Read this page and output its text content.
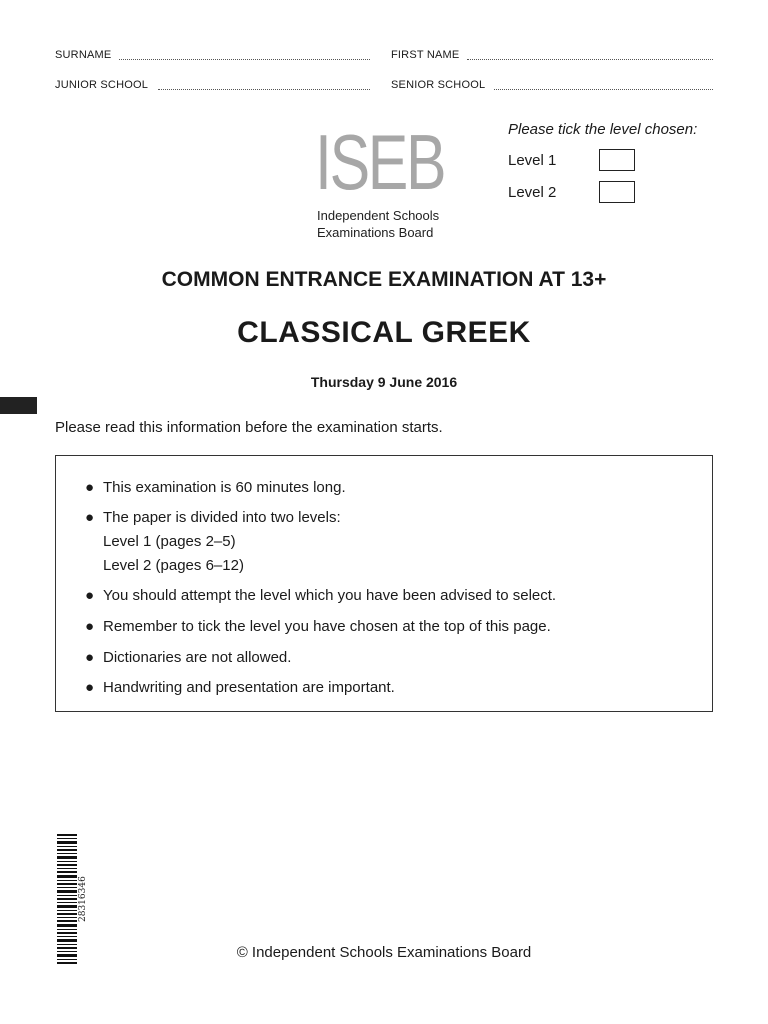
SURNAME	FIRST NAME
JUNIOR SCHOOL	SENIOR SCHOOL
ISEB
Independent Schools
Examinations Board
Please tick the level chosen:
Level 1
Level 2
COMMON ENTRANCE EXAMINATION AT 13+
CLASSICAL GREEK
Thursday 9 June 2016
Please read this information before the examination starts.
● This examination is 60 minutes long.
● The paper is divided into two levels:
Level 1 (pages 2–5)
Level 2 (pages 6–12)
● You should attempt the level which you have been advised to select.
● Remember to tick the level you have chosen at the top of this page.
● Dictionaries are not allowed.
● Handwriting and presentation are important.
28316346
© Independent Schools Examinations Board
